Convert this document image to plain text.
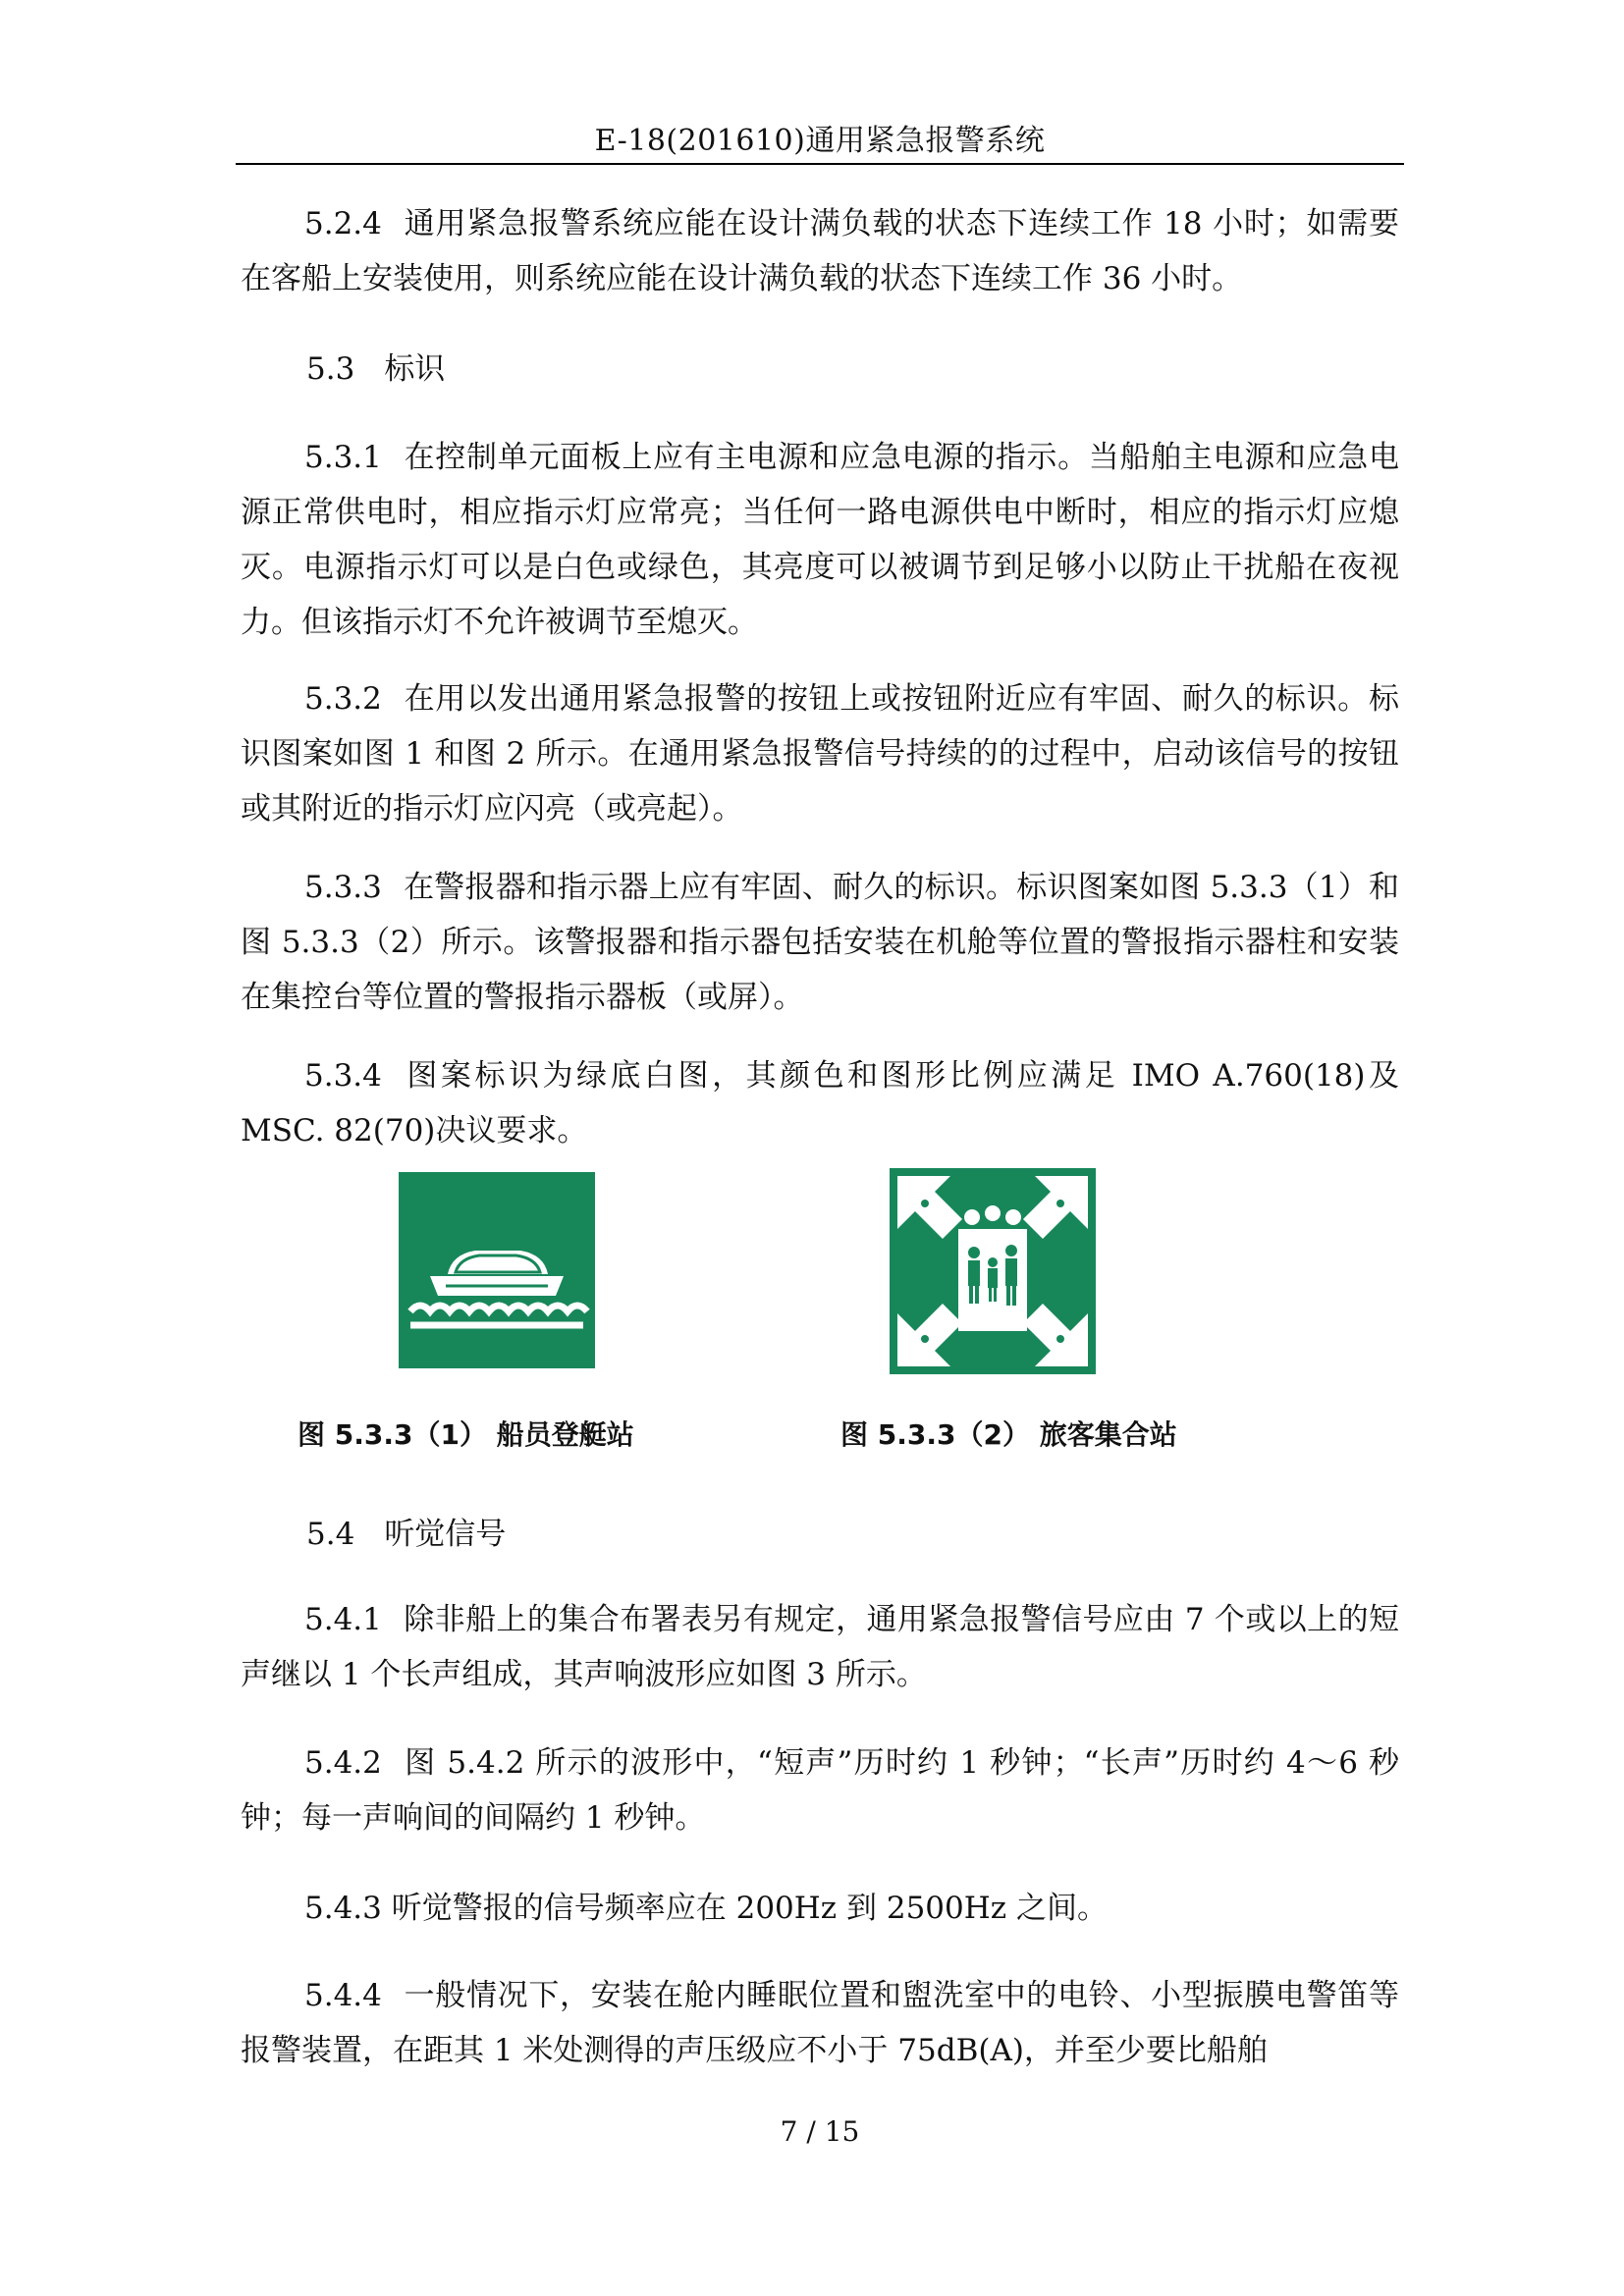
E-18(201610)通用紧急报警系统
5.2.4 通用紧急报警系统应能在设计满负载的状态下连续工作 18 小时；如需要在客船上安装使用，则系统应能在设计满负载的状态下连续工作 36 小时。
5.3 标识
5.3.1 在控制单元面板上应有主电源和应急电源的指示。当船舶主电源和应急电源正常供电时，相应指示灯应常亮；当任何一路电源供电中断时，相应的指示灯应熄灭。电源指示灯可以是白色或绿色，其亮度可以被调节到足够小以防止干扰船在夜视力。但该指示灯不允许被调节至熄灭。
5.3.2 在用以发出通用紧急报警的按钮上或按钮附近应有牢固、耐久的标识。标识图案如图 1 和图 2 所示。在通用紧急报警信号持续的的过程中，启动该信号的按钮或其附近的指示灯应闪亮（或亮起）。
5.3.3 在警报器和指示器上应有牢固、耐久的标识。标识图案如图 5.3.3（1）和图 5.3.3（2）所示。该警报器和指示器包括安装在机舱等位置的警报指示器柱和安装在集控台等位置的警报指示器板（或屏）。
5.3.4 图案标识为绿底白图，其颜色和图形比例应满足 IMO A.760(18)及 MSC. 82(70)决议要求。
图 5.3.3（1） 船员登艇站	图 5.3.3（2） 旅客集合站
5.4 听觉信号
5.4.1 除非船上的集合布署表另有规定，通用紧急报警信号应由 7 个或以上的短声继以 1 个长声组成，其声响波形应如图 3 所示。
5.4.2 图 5.4.2 所示的波形中，“短声”历时约 1 秒钟；“长声”历时约 4～6 秒钟；每一声响间的间隔约 1 秒钟。
5.4.3 听觉警报的信号频率应在 200Hz 到 2500Hz 之间。
5.4.4 一般情况下，安装在舱内睡眠位置和盥洗室中的电铃、小型振膜电警笛等报警装置，在距其 1 米处测得的声压级应不小于 75dB(A)，并至少要比船舶
7 / 15
